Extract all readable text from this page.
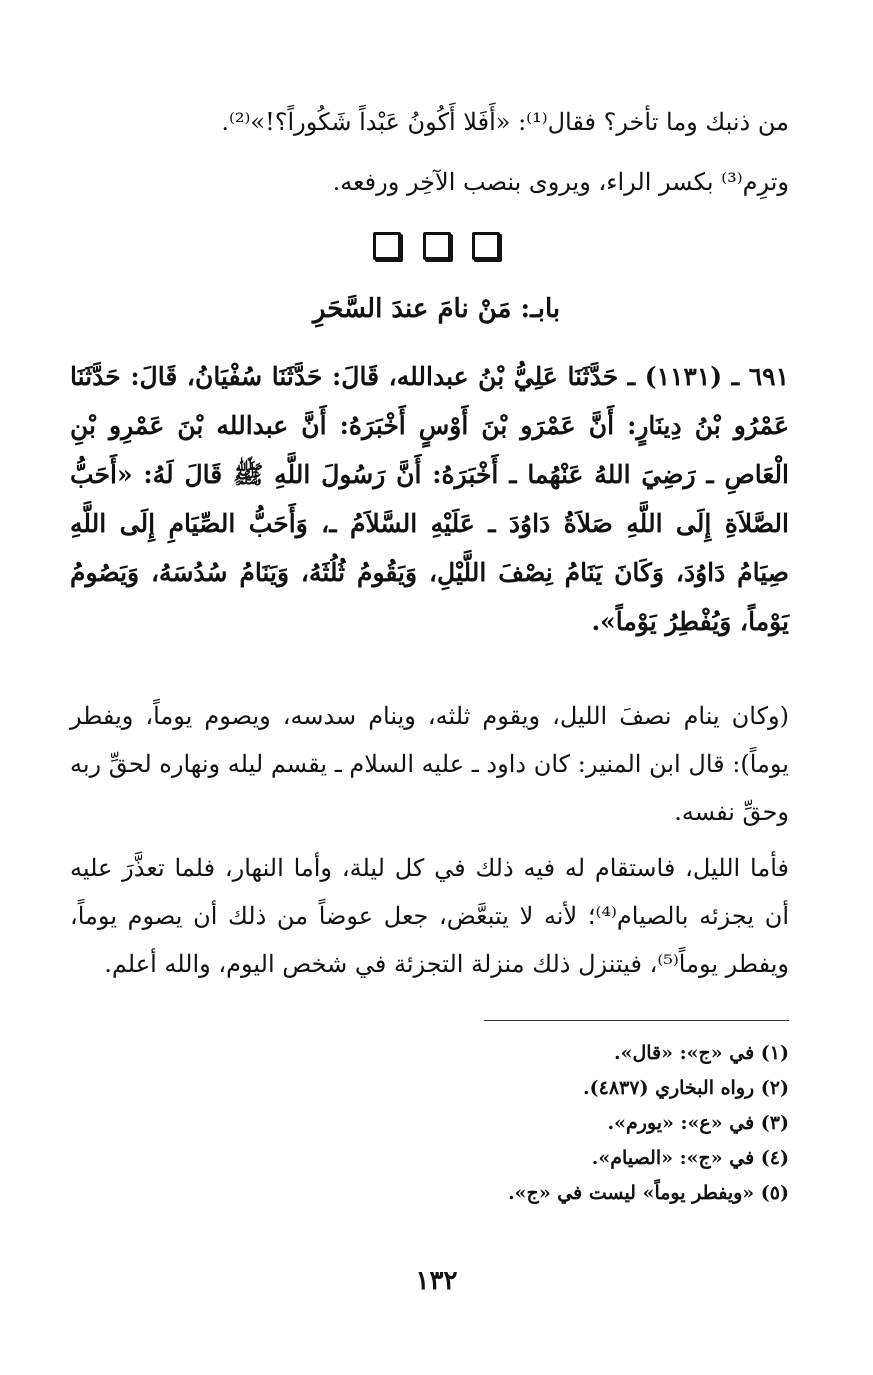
من ذنبك وما تأخر؟ فقال⁽¹⁾: «أَفَلا أَكُونُ عَبْداً شَكُوراً؟!»⁽²⁾.

وترِم⁽³⁾ بكسر الراء، ويروى بنصب الآخِر ورفعه.

بابـ: مَنْ نامَ عندَ السَّحَرِ

٦٩١ ـ (١١٣١) ـ حَدَّثَنَا عَلِيُّ بْنُ عبدالله، قَالَ: حَدَّثَنَا سُفْيَانُ، قَالَ: حَدَّثَنَا عَمْرُو بْنُ دِينَارٍ: أَنَّ عَمْرَو بْنَ أَوْسٍ أَخْبَرَهُ: أَنَّ عبدالله بْنَ عَمْرِو بْنِ الْعَاصِ ـ رَضِيَ اللهُ عَنْهُما ـ أَخْبَرَهُ: أَنَّ رَسُولَ اللَّهِ ﷺ قَالَ لَهُ: «أَحَبُّ الصَّلاَةِ إِلَى اللَّهِ صَلاَةُ دَاوُدَ ـ عَلَيْهِ السَّلاَمُ ـ، وَأَحَبُّ الصِّيَامِ إِلَى اللَّهِ صِيَامُ دَاوُدَ، وَكَانَ يَنَامُ نِصْفَ اللَّيْلِ، وَيَقُومُ ثُلُثَهُ، وَيَنَامُ سُدُسَهُ، وَيَصُومُ يَوْماً، وَيُفْطِرُ يَوْماً».

(وكان ينام نصفَ الليل، ويقوم ثلثه، وينام سدسه، ويصوم يوماً، ويفطر يوماً): قال ابن المنير: كان داود ـ عليه السلام ـ يقسم ليله ونهاره لحقِّ ربه وحقِّ نفسه.

فأما الليل، فاستقام له فيه ذلك في كل ليلة، وأما النهار، فلما تعذَّرَ عليه أن يجزئه بالصيام⁽⁴⁾؛ لأنه لا يتبعَّض، جعل عوضاً من ذلك أن يصوم يوماً، ويفطر يوماً⁽⁵⁾، فيتنزل ذلك منزلة التجزئة في شخص اليوم، والله أعلم.

(١) في «ج»: «قال».

(٢) رواه البخاري (٤٨٣٧).

(٣) في «ع»: «يورم».

(٤) في «ج»: «الصيام».

(٥) «ويفطر يوماً» ليست في «ج».

١٣٢
